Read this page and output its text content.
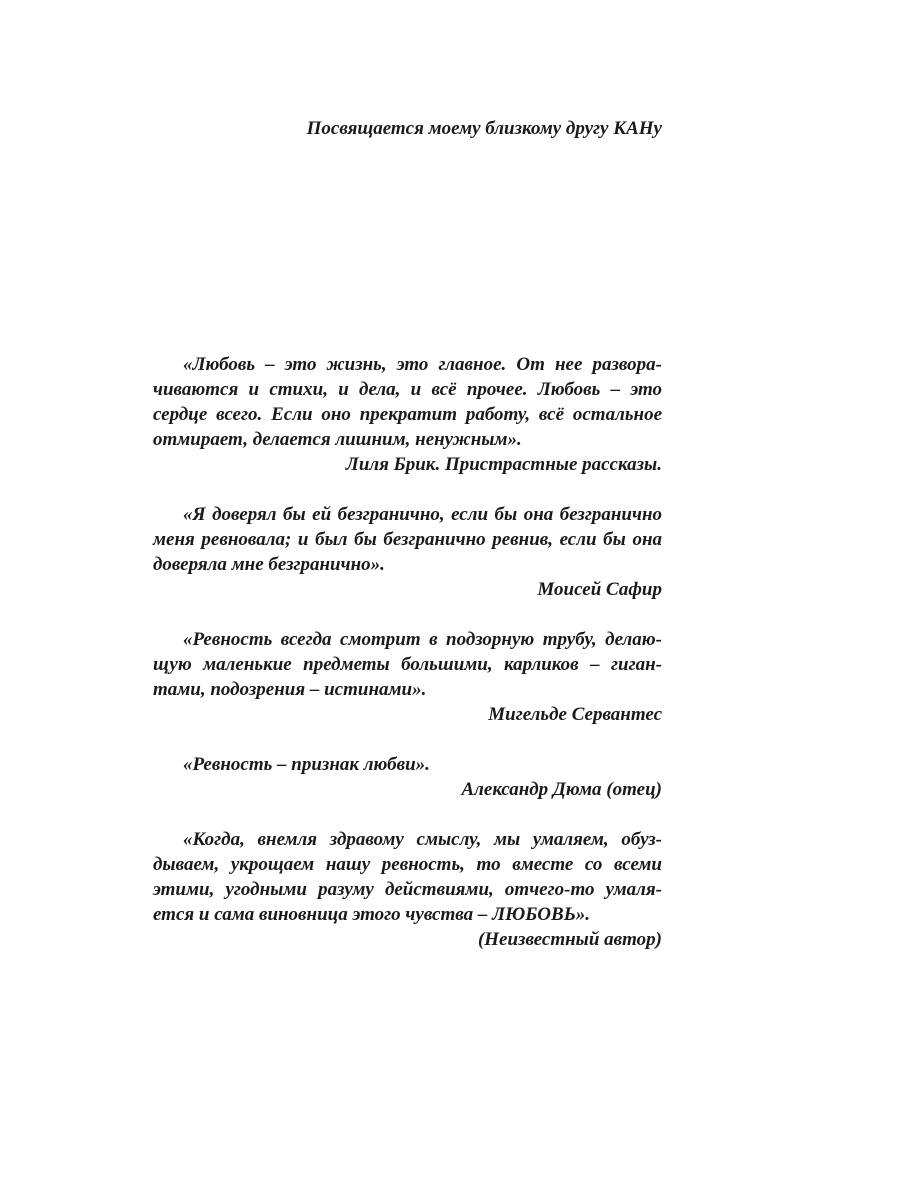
Посвящается моему близкому другу КАНу

«Любовь – это жизнь, это главное. От нее разворачиваются и стихи, и дела, и всё прочее. Любовь – это сердце всего. Если оно прекратит работу, всё остальное отмирает, делается лишним, ненужным».

Лиля Брик. Пристрастные рассказы.

«Я доверял бы ей безгранично, если бы она безгранично меня ревновала; и был бы безгранично ревнив, если бы она доверяла мне безгранично».

Моисей Сафир

«Ревность всегда смотрит в подзорную трубу, делающую маленькие предметы большими, карликов – гигантами, подозрения – истинами».

Мигельде Сервантес

«Ревность – признак любви».

Александр Дюма (отец)

«Когда, внемля здравому смыслу, мы умаляем, обуздываем, укрощаем нашу ревность, то вместе со всеми этими, угодными разуму действиями, отчего-то умаляется и сама виновница этого чувства – ЛЮБОВЬ».

(Неизвестный автор)
